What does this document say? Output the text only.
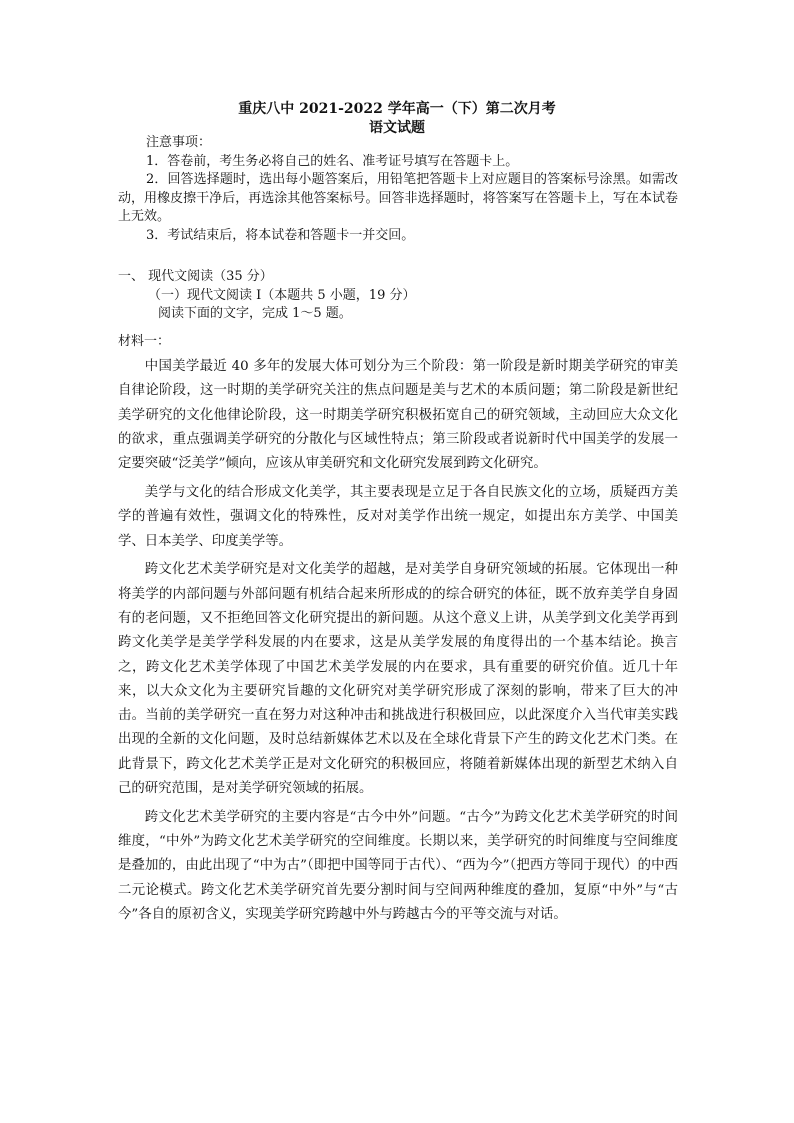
重庆八中 2021-2022 学年高一（下）第二次月考
语文试题

注意事项：

1．答卷前，考生务必将自己的姓名、准考证号填写在答题卡上。

2．回答选择题时，选出每小题答案后，用铅笔把答题卡上对应题目的答案标号涂黑。如需改动，用橡皮擦干净后，再选涂其他答案标号。回答非选择题时，将答案写在答题卡上，写在本试卷上无效。

3．考试结束后，将本试卷和答题卡一并交回。

一、 现代文阅读（35 分）
（一）现代文阅读 I（本题共 5 小题，19 分）
阅读下面的文字，完成 1～5 题。
材料一：

中国美学最近 40 多年的发展大体可划分为三个阶段：第一阶段是新时期美学研究的审美自律论阶段，这一时期的美学研究关注的焦点问题是美与艺术的本质问题；第二阶段是新世纪美学研究的文化他律论阶段，这一时期美学研究积极拓宽自己的研究领域，主动回应大众文化的欲求，重点强调美学研究的分散化与区域性特点；第三阶段或者说新时代中国美学的发展一定要突破“泛美学”倾向，应该从审美研究和文化研究发展到跨文化研究。

美学与文化的结合形成文化美学，其主要表现是立足于各自民族文化的立场，质疑西方美学的普遍有效性，强调文化的特殊性，反对对美学作出统一规定，如提出东方美学、中国美学、日本美学、印度美学等。

跨文化艺术美学研究是对文化美学的超越，是对美学自身研究领域的拓展。它体现出一种将美学的内部问题与外部问题有机结合起来所形成的的综合研究的体征，既不放弃美学自身固有的老问题，又不拒绝回答文化研究提出的新问题。从这个意义上讲，从美学到文化美学再到跨文化美学是美学学科发展的内在要求，这是从美学发展的角度得出的一个基本结论。换言之，跨文化艺术美学体现了中国艺术美学发展的内在要求，具有重要的研究价值。近几十年来，以大众文化为主要研究旨趣的文化研究对美学研究形成了深刻的影响，带来了巨大的冲击。当前的美学研究一直在努力对这种冲击和挑战进行积极回应，以此深度介入当代审美实践出现的全新的文化问题，及时总结新媒体艺术以及在全球化背景下产生的跨文化艺术门类。在此背景下，跨文化艺术美学正是对文化研究的积极回应，将随着新媒体出现的新型艺术纳入自己的研究范围，是对美学研究领域的拓展。

跨文化艺术美学研究的主要内容是“古今中外”问题。“古今”为跨文化艺术美学研究的时间维度，“中外”为跨文化艺术美学研究的空间维度。长期以来，美学研究的时间维度与空间维度是叠加的，由此出现了“中为古”（即把中国等同于古代）、“西为今”（把西方等同于现代）的中西二元论模式。跨文化艺术美学研究首先要分割时间与空间两种维度的叠加，复原“中外”与“古今”各自的原初含义，实现美学研究跨越中外与跨越古今的平等交流与对话。
